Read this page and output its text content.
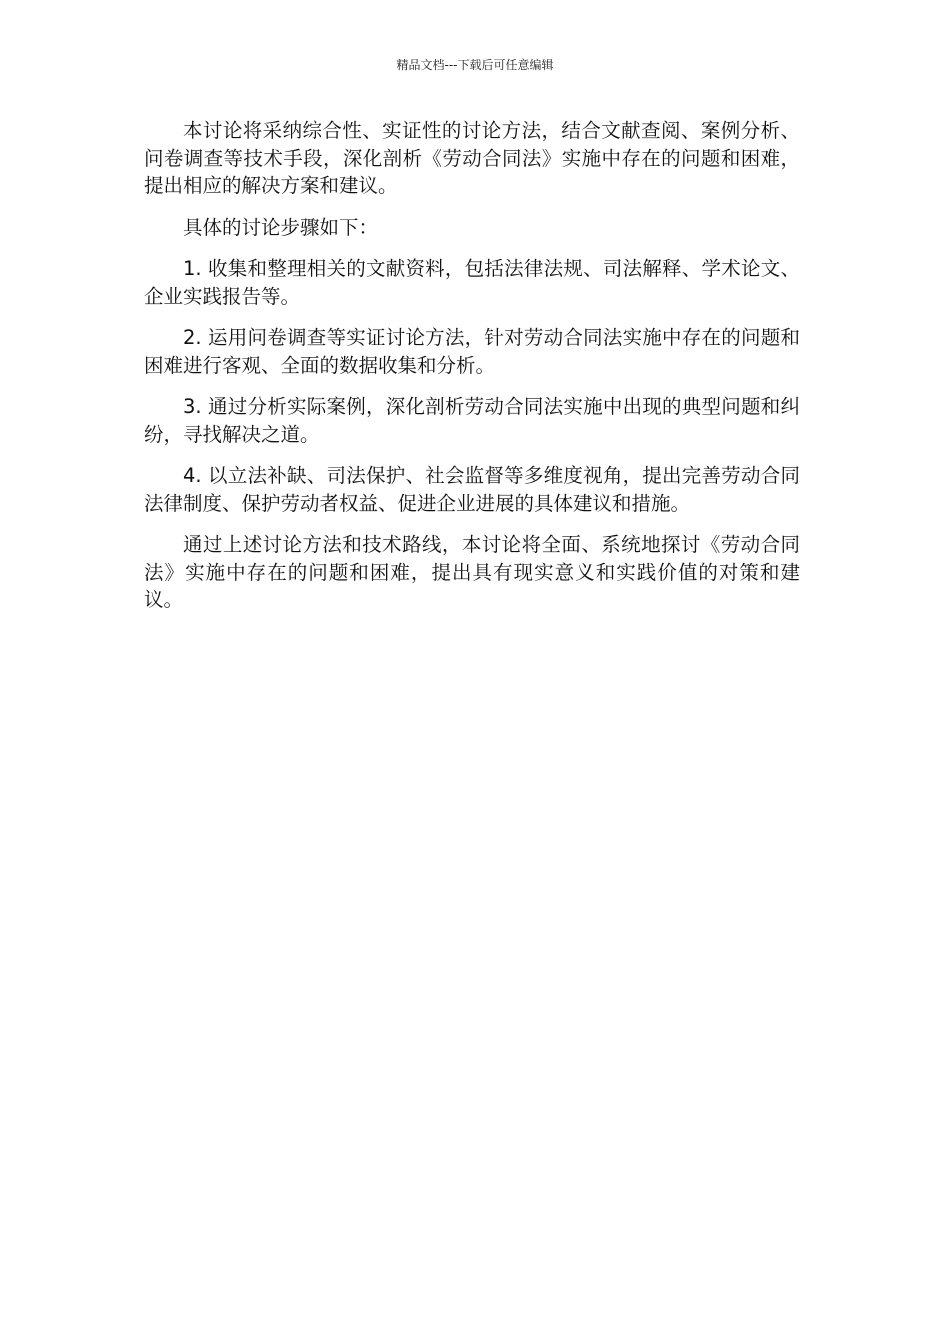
精品文档---下载后可任意编辑

本讨论将采纳综合性、实证性的讨论方法，结合文献查阅、案例分析、问卷调查等技术手段，深化剖析《劳动合同法》实施中存在的问题和困难，提出相应的解决方案和建议。

具体的讨论步骤如下：

1. 收集和整理相关的文献资料，包括法律法规、司法解释、学术论文、企业实践报告等。

2. 运用问卷调查等实证讨论方法，针对劳动合同法实施中存在的问题和困难进行客观、全面的数据收集和分析。

3. 通过分析实际案例，深化剖析劳动合同法实施中出现的典型问题和纠纷，寻找解决之道。

4. 以立法补缺、司法保护、社会监督等多维度视角，提出完善劳动合同法律制度、保护劳动者权益、促进企业进展的具体建议和措施。

通过上述讨论方法和技术路线，本讨论将全面、系统地探讨《劳动合同法》实施中存在的问题和困难，提出具有现实意义和实践价值的对策和建议。
